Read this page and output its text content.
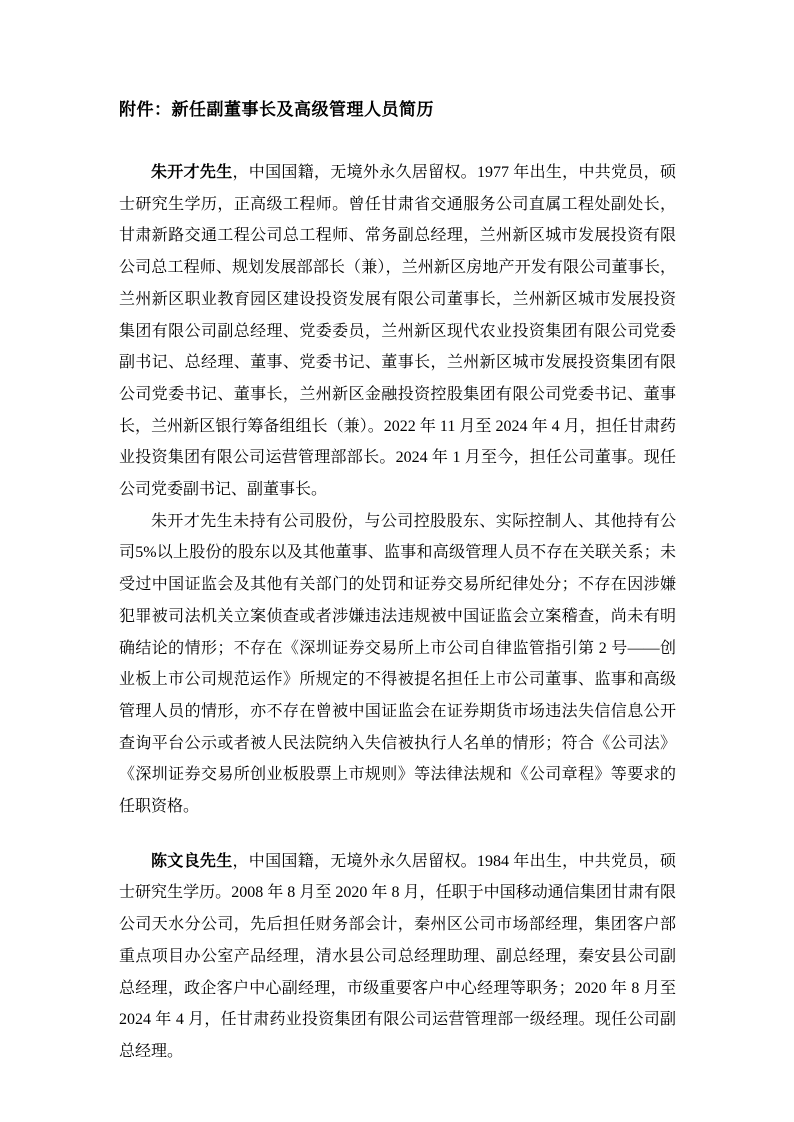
附件：新任副董事长及高级管理人员简历

朱开才先生，中国国籍，无境外永久居留权。1977 年出生，中共党员，硕士研究生学历，正高级工程师。曾任甘肃省交通服务公司直属工程处副处长，甘肃新路交通工程公司总工程师、常务副总经理，兰州新区城市发展投资有限公司总工程师、规划发展部部长（兼），兰州新区房地产开发有限公司董事长，兰州新区职业教育园区建设投资发展有限公司董事长，兰州新区城市发展投资集团有限公司副总经理、党委委员，兰州新区现代农业投资集团有限公司党委副书记、总经理、董事、党委书记、董事长，兰州新区城市发展投资集团有限公司党委书记、董事长，兰州新区金融投资控股集团有限公司党委书记、董事长，兰州新区银行筹备组组长（兼）。2022 年 11 月至 2024 年 4 月，担任甘肃药业投资集团有限公司运营管理部部长。2024 年 1 月至今，担任公司董事。现任公司党委副书记、副董事长。

朱开才先生未持有公司股份，与公司控股股东、实际控制人、其他持有公司5%以上股份的股东以及其他董事、监事和高级管理人员不存在关联关系；未受过中国证监会及其他有关部门的处罚和证券交易所纪律处分；不存在因涉嫌犯罪被司法机关立案侦查或者涉嫌违法违规被中国证监会立案稽查，尚未有明确结论的情形；不存在《深圳证券交易所上市公司自律监管指引第 2 号——创业板上市公司规范运作》所规定的不得被提名担任上市公司董事、监事和高级管理人员的情形，亦不存在曾被中国证监会在证券期货市场违法失信信息公开查询平台公示或者被人民法院纳入失信被执行人名单的情形；符合《公司法》《深圳证券交易所创业板股票上市规则》等法律法规和《公司章程》等要求的任职资格。

陈文良先生，中国国籍，无境外永久居留权。1984 年出生，中共党员，硕士研究生学历。2008 年 8 月至 2020 年 8 月，任职于中国移动通信集团甘肃有限公司天水分公司，先后担任财务部会计，秦州区公司市场部经理，集团客户部重点项目办公室产品经理，清水县公司总经理助理、副总经理，秦安县公司副总经理，政企客户中心副经理，市级重要客户中心经理等职务；2020 年 8 月至 2024 年 4 月，任甘肃药业投资集团有限公司运营管理部一级经理。现任公司副总经理。
